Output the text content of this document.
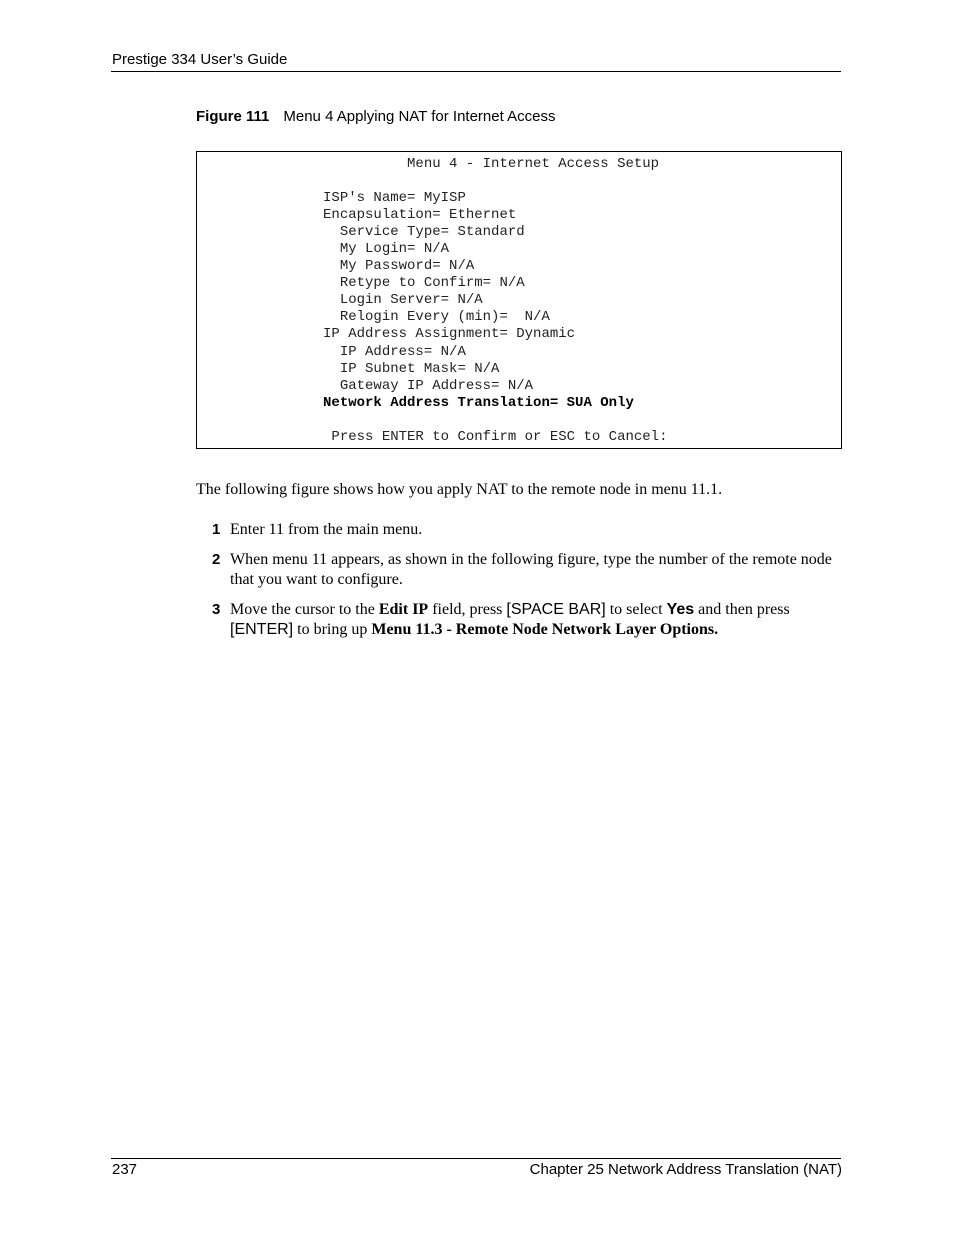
Prestige 334 User’s Guide
Figure 111 Menu 4 Applying NAT for Internet Access
Menu 4 - Internet Access Setup
ISP's Name= MyISP
Encapsulation= Ethernet
Service Type= Standard
My Login= N/A
My Password= N/A
Retype to Confirm= N/A
Login Server= N/A
Relogin Every (min)=  N/A
IP Address Assignment= Dynamic
IP Address= N/A
IP Subnet Mask= N/A
Gateway IP Address= N/A
Network Address Translation= SUA Only
Press ENTER to Confirm or ESC to Cancel:
The following figure shows how you apply NAT to the remote node in menu 11.1.
1 Enter 11 from the main menu.
2 When menu 11 appears, as shown in the following figure, type the number of the remote node that you want to configure.
3 Move the cursor to the Edit IP field, press [SPACE BAR] to select Yes and then press [ENTER] to bring up Menu 11.3 - Remote Node Network Layer Options.
237	Chapter 25 Network Address Translation (NAT)
